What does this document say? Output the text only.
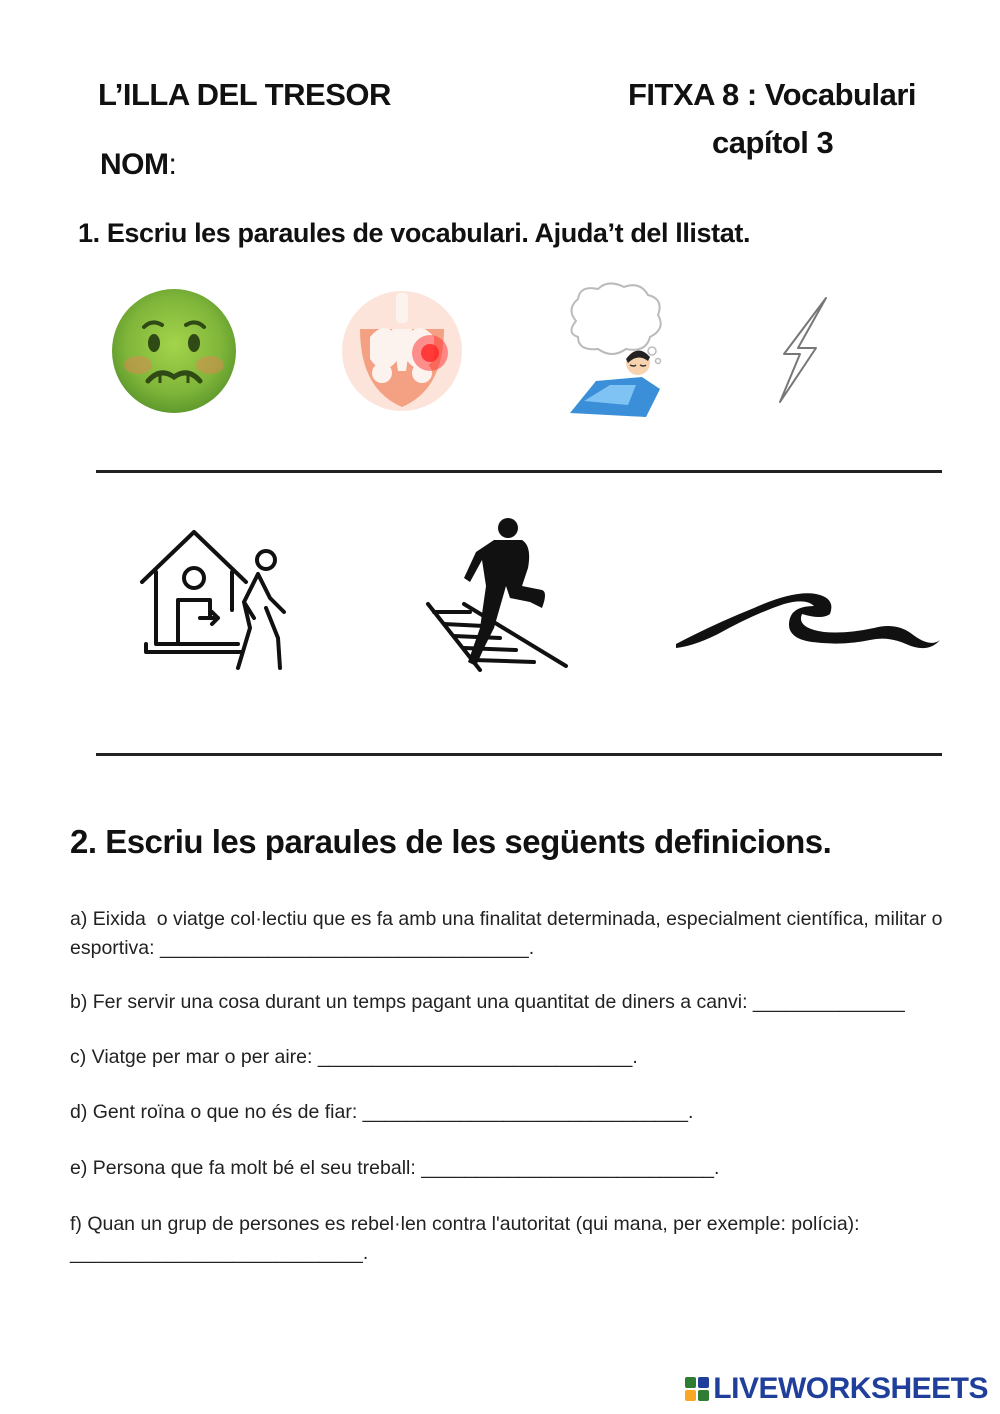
L’ILLA DEL TRESOR	FITXA 8 : Vocabulari
capítol 3
NOM:
1. Escriu les paraules de vocabulari. Ajuda’t del llistat.
2. Escriu les paraules de les següents definicions.
a) Eixida  o viatge col·lectiu que es fa amb una finalitat determinada, especialment científica, militar o esportiva: __________________________________.
b) Fer servir una cosa durant un temps pagant una quantitat de diners a canvi: ______________
c) Viatge per mar o per aire: _____________________________.
d) Gent roïna o que no és de fiar: ______________________________.
e) Persona que fa molt bé el seu treball: ___________________________.
f) Quan un grup de persones es rebel·len contra l'autoritat (qui mana, per exemple: polícia): ___________________________.
LIVEWORKSHEETS
